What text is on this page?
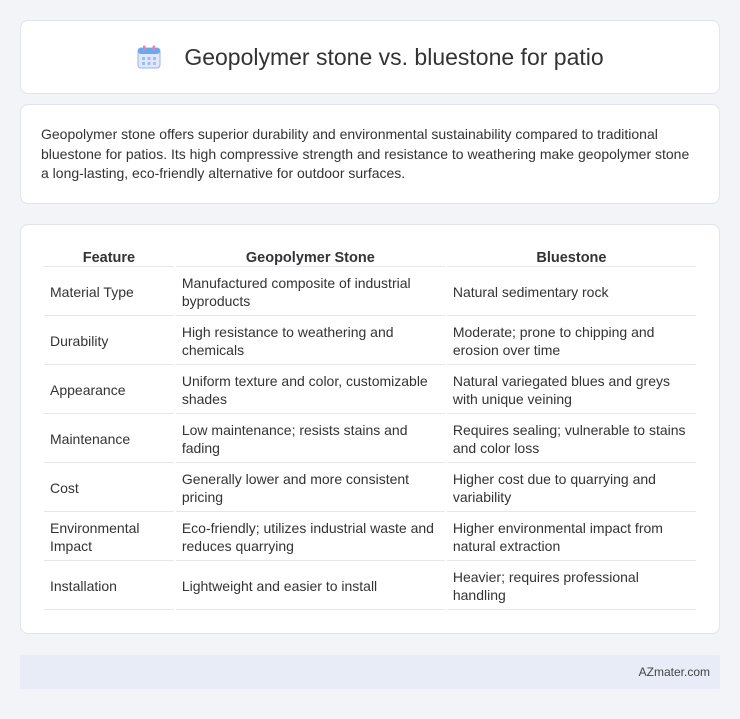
Geopolymer stone vs. bluestone for patio

Geopolymer stone offers superior durability and environmental sustainability compared to traditional bluestone for patios. Its high compressive strength and resistance to weathering make geopolymer stone a long-lasting, eco-friendly alternative for outdoor surfaces.

Feature	Geopolymer Stone	Bluestone
Material Type	Manufactured composite of industrial byproducts	Natural sedimentary rock
Durability	High resistance to weathering and chemicals	Moderate; prone to chipping and erosion over time
Appearance	Uniform texture and color, customizable shades	Natural variegated blues and greys with unique veining
Maintenance	Low maintenance; resists stains and fading	Requires sealing; vulnerable to stains and color loss
Cost	Generally lower and more consistent pricing	Higher cost due to quarrying and variability
Environmental Impact	Eco-friendly; utilizes industrial waste and reduces quarrying	Higher environmental impact from natural extraction
Installation	Lightweight and easier to install	Heavier; requires professional handling
AZmater.com
